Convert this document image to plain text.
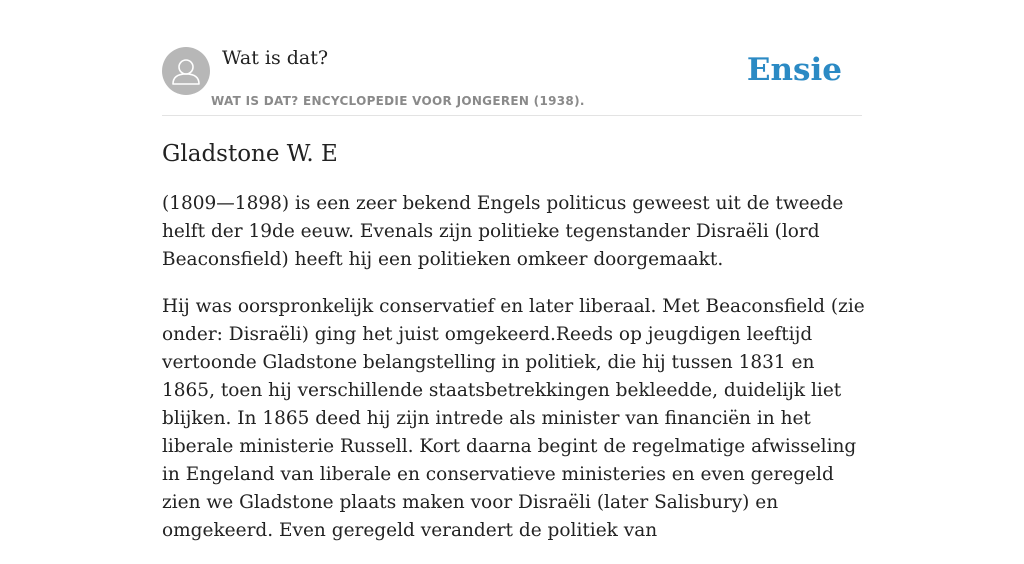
Wat is dat?
WAT IS DAT? ENCYCLOPEDIE VOOR JONGEREN (1938).
Ensie
Gladstone W. E

(1809—1898) is een zeer bekend Engels politicus geweest uit de tweede helft der 19de eeuw. Evenals zijn politieke tegenstander Disraëli (lord Beaconsfield) heeft hij een politieken omkeer doorgemaakt.

Hij was oorspronkelijk conservatief en later liberaal. Met Beaconsfield (zie onder: Disraëli) ging het juist omgekeerd.Reeds op jeugdigen leeftijd vertoonde Gladstone belangstelling in politiek, die hij tussen 1831 en 1865, toen hij verschillende staatsbetrekkingen bekleedde, duidelijk liet blijken. In 1865 deed hij zijn intrede als minister van financiën in het liberale ministerie Russell. Kort daarna begint de regelmatige afwisseling in Engeland van liberale en conservatieve ministeries en even geregeld zien we Gladstone plaats maken voor Disraëli (later Salisbury) en omgekeerd. Even geregeld verandert de politiek van
